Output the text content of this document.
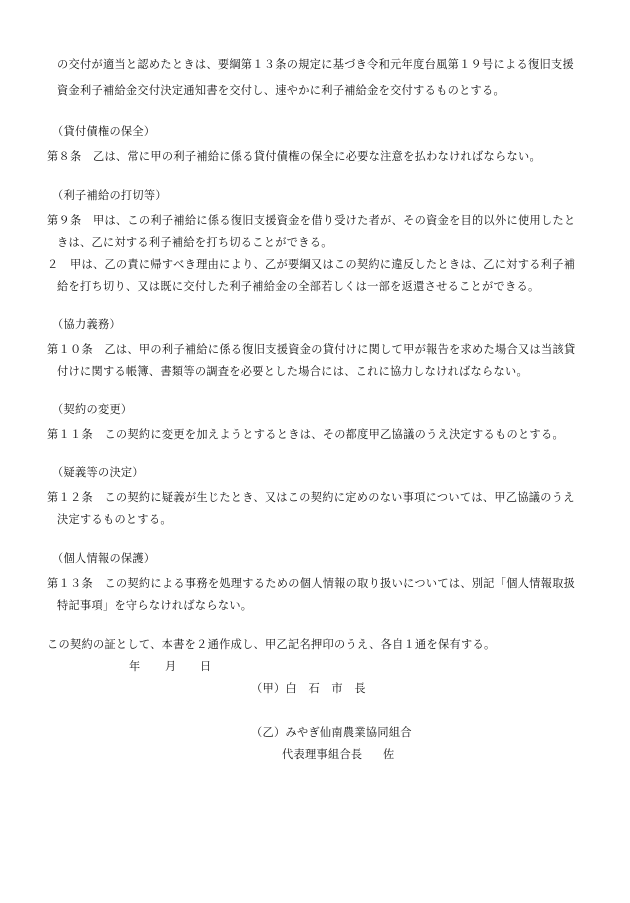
の交付が適当と認めたときは、要綱第１３条の規定に基づき令和元年度台風第１９号による復旧支援
資金利子補給金交付決定通知書を交付し、速やかに利子補給金を交付するものとする。
（貸付債権の保全）
第８条　乙は、常に甲の利子補給に係る貸付債権の保全に必要な注意を払わなければならない。
（利子補給の打切等）
第９条　甲は、この利子補給に係る復旧支援資金を借り受けた者が、その資金を目的以外に使用したと
きは、乙に対する利子補給を打ち切ることができる。
２　甲は、乙の責に帰すべき理由により、乙が要綱又はこの契約に違反したときは、乙に対する利子補
給を打ち切り、又は既に交付した利子補給金の全部若しくは一部を返還させることができる。
（協力義務）
第１０条　乙は、甲の利子補給に係る復旧支援資金の貸付けに関して甲が報告を求めた場合又は当該貸
付けに関する帳簿、書類等の調査を必要とした場合には、これに協力しなければならない。
（契約の変更）
第１１条　この契約に変更を加えようとするときは、その都度甲乙協議のうえ決定するものとする。
（疑義等の決定）
第１２条　この契約に疑義が生じたとき、又はこの契約に定めのない事項については、甲乙協議のうえ
決定するものとする。
（個人情報の保護）
第１３条　この契約による事務を処理するための個人情報の取り扱いについては、別記「個人情報取扱
特記事項」を守らなければならない。
この契約の証として、本書を２通作成し、甲乙記名押印のうえ、各自１通を保有する。
年 月 日
（甲）白　石　市　長
（乙）みやぎ仙南農業協同組合
代表理事組合長 佐
